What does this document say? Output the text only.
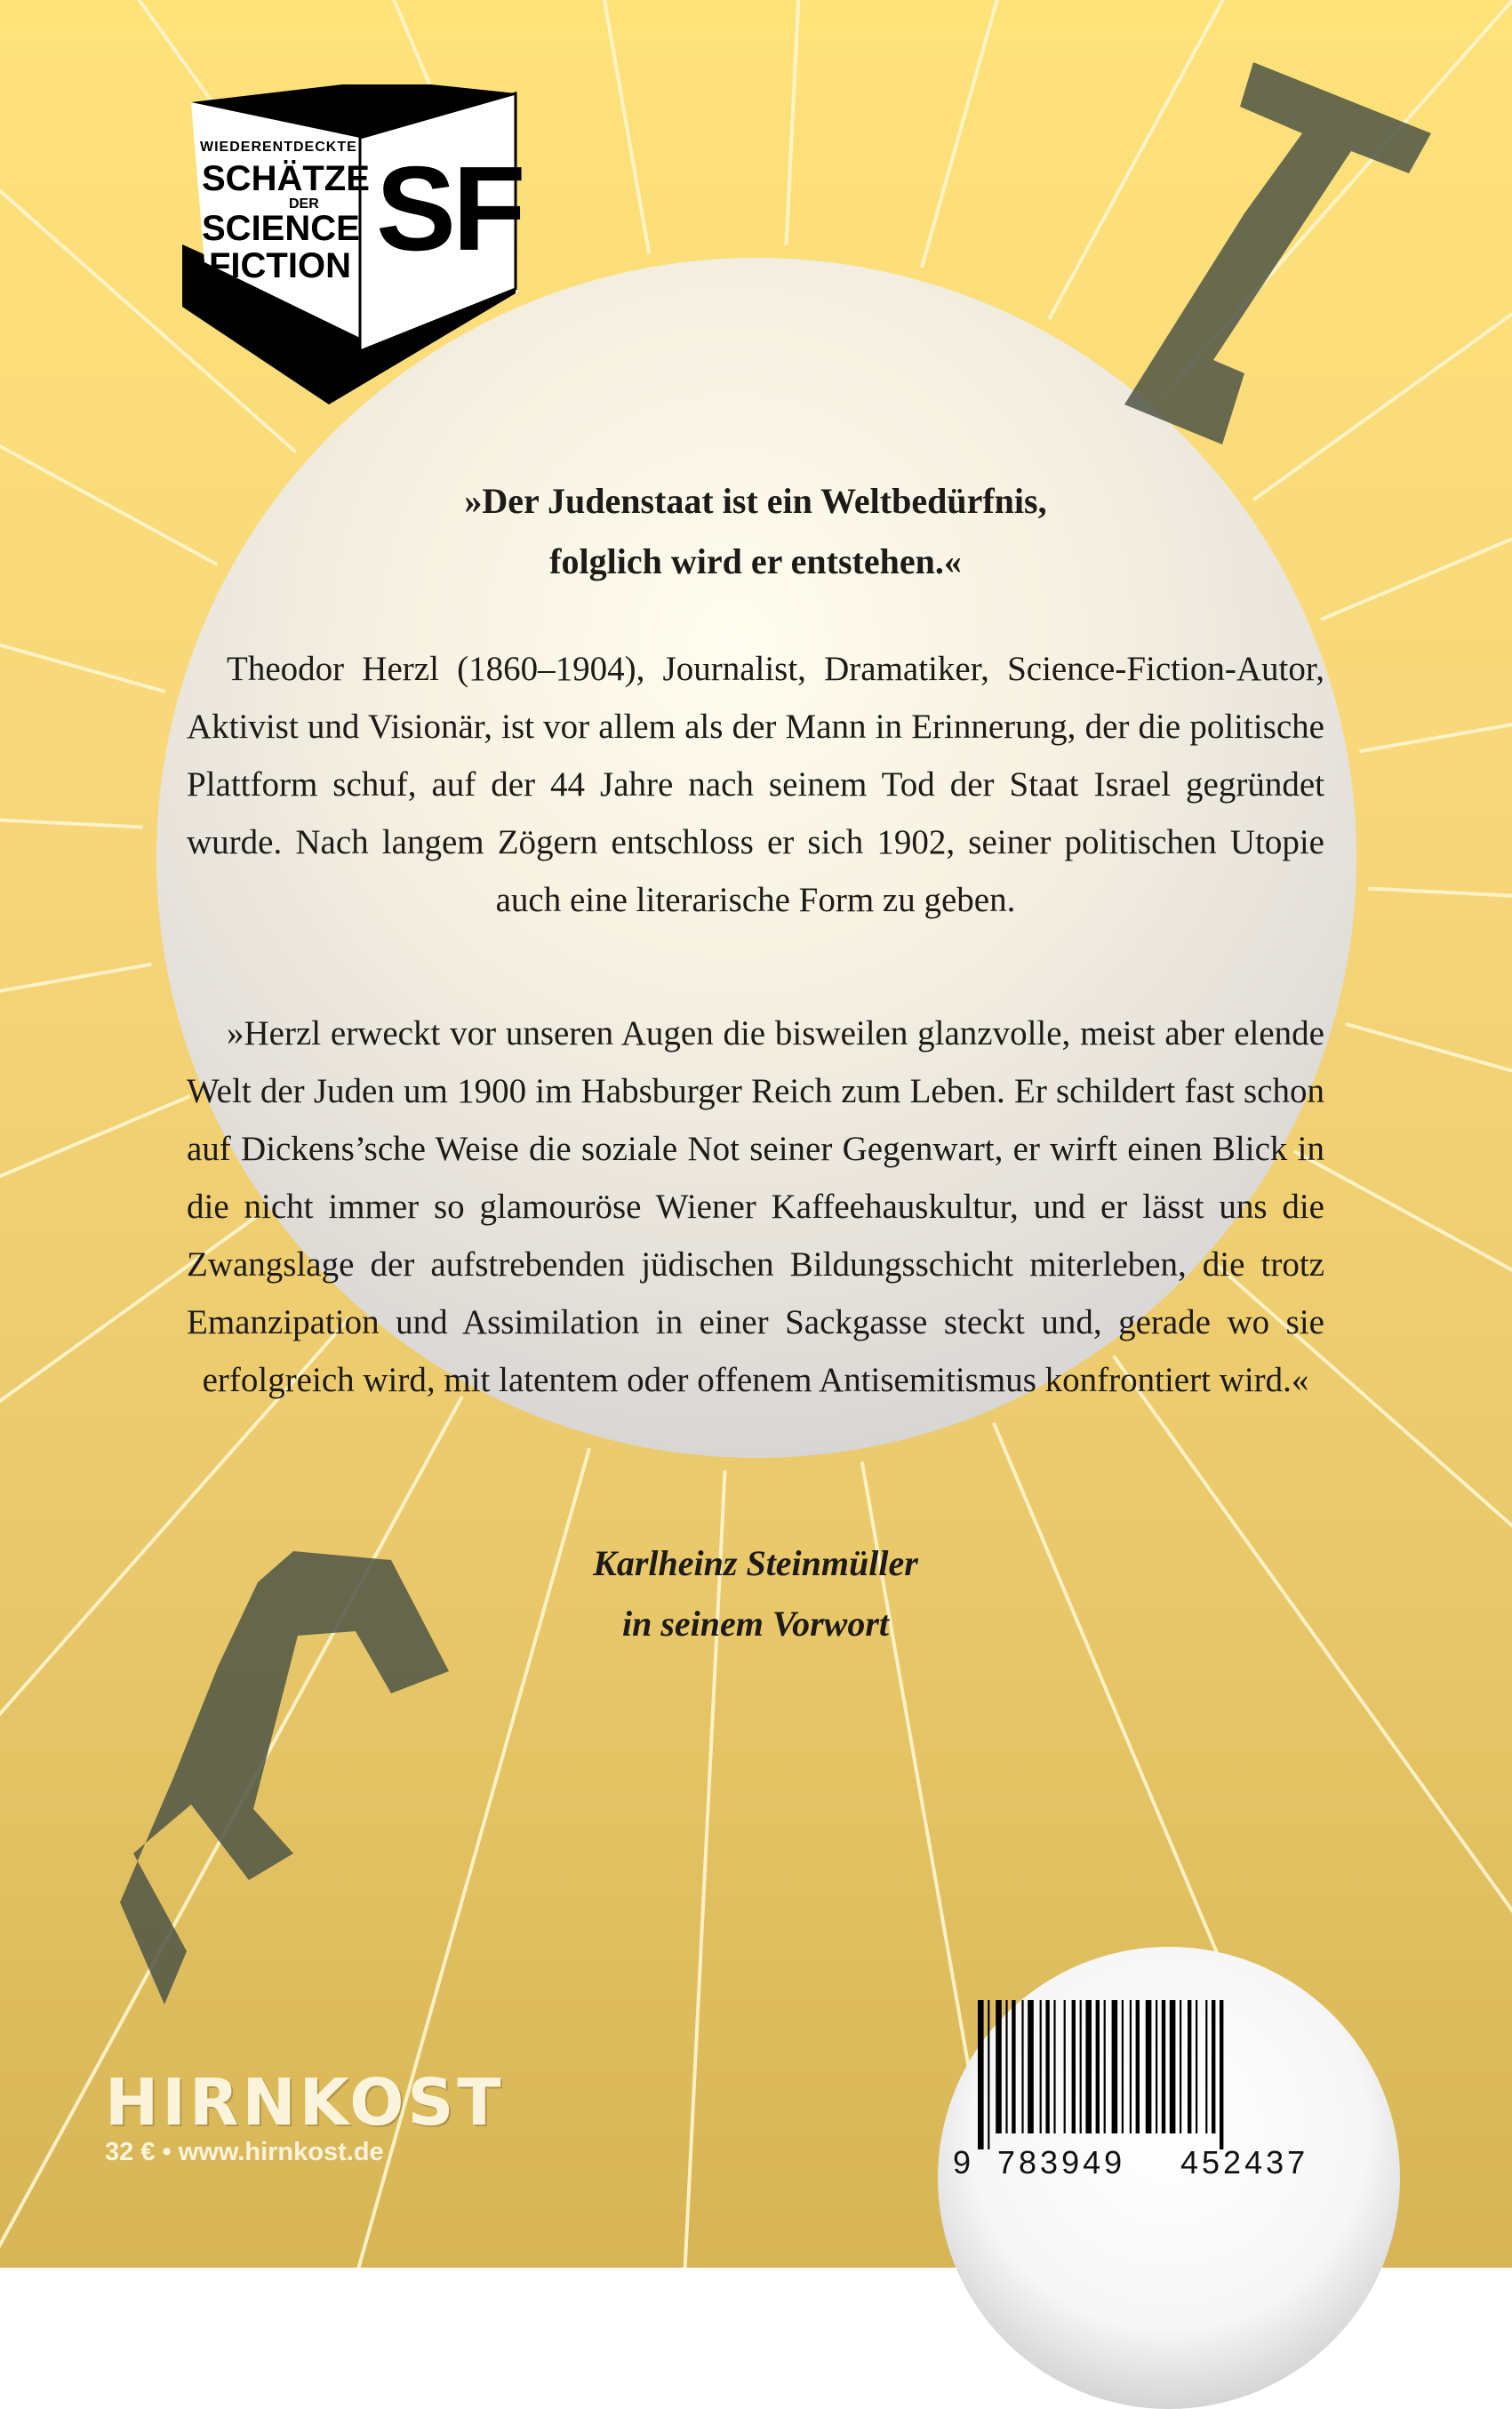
WIEDERENTDECKTE
SCHÄTZE
DER
SCIENCE
FICTION SF
»Der Judenstaat ist ein Weltbedürfnis,
folglich wird er entstehen.«
Theodor Herzl (1860–1904), Journalist, Dramatiker, Science-Fiction-Autor, Aktivist und Visionär, ist vor allem als der Mann in Erinnerung, der die politische Plattform schuf, auf der 44 Jahre nach seinem Tod der Staat Israel gegründet wurde. Nach langem Zögern entschloss er sich 1902, seiner politischen Utopie auch eine literarische Form zu geben.
»Herzl erweckt vor unseren Augen die bisweilen glanzvolle, meist aber elende Welt der Juden um 1900 im Habsburger Reich zum Leben. Er schildert fast schon auf Dickens’sche Weise die soziale Not seiner Gegenwart, er wirft einen Blick in die nicht immer so glamouröse Wiener Kaffeehauskultur, und er lässt uns die Zwangslage der aufstrebenden jüdischen Bildungsschicht miterleben, die trotz Emanzipation und Assimilation in einer Sackgasse steckt und, gerade wo sie erfolgreich wird, mit latentem oder offenem Antisemitismus konfrontiert wird.«
Karlheinz Steinmüller
in seinem Vorwort
HIRNKOST
32 € • www.hirnkost.de	9 783949 452437
